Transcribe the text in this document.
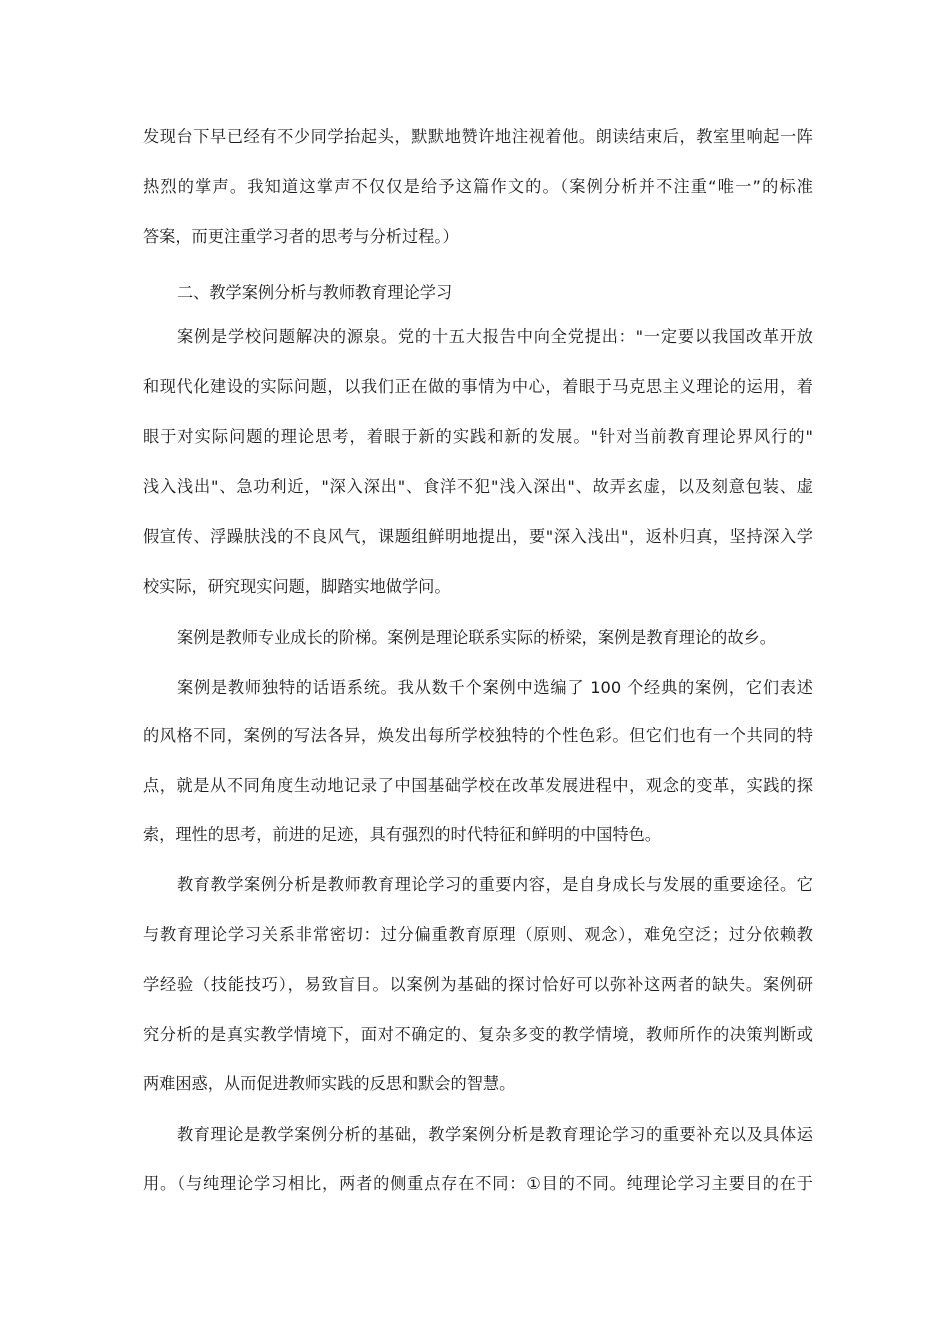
发现台下早已经有不少同学抬起头，默默地赞许地注视着他。朗读结束后，教室里响起一阵
热烈的掌声。我知道这掌声不仅仅是给予这篇作文的。（案例分析并不注重“唯一”的标准
答案，而更注重学习者的思考与分析过程。）
二、教学案例分析与教师教育理论学习
案例是学校问题解决的源泉。党的十五大报告中向全党提出："一定要以我国改革开放
和现代化建设的实际问题，以我们正在做的事情为中心，着眼于马克思主义理论的运用，着
眼于对实际问题的理论思考，着眼于新的实践和新的发展。"针对当前教育理论界风行的"
浅入浅出"、急功利近，"深入深出"、食洋不犯"浅入深出"、故弄玄虚，以及刻意包装、虚
假宣传、浮躁肤浅的不良风气，课题组鲜明地提出，要"深入浅出"，返朴归真，坚持深入学
校实际，研究现实问题，脚踏实地做学问。
案例是教师专业成长的阶梯。案例是理论联系实际的桥梁，案例是教育理论的故乡。
案例是教师独特的话语系统。我从数千个案例中选编了 100 个经典的案例，它们表述
的风格不同，案例的写法各异，焕发出每所学校独特的个性色彩。但它们也有一个共同的特
点，就是从不同角度生动地记录了中国基础学校在改革发展进程中，观念的变革，实践的探
索，理性的思考，前进的足迹，具有强烈的时代特征和鲜明的中国特色。
教育教学案例分析是教师教育理论学习的重要内容，是自身成长与发展的重要途径。它
与教育理论学习关系非常密切：过分偏重教育原理（原则、观念），难免空泛；过分依赖教
学经验（技能技巧），易致盲目。以案例为基础的探讨恰好可以弥补这两者的缺失。案例研
究分析的是真实教学情境下，面对不确定的、复杂多变的教学情境，教师所作的决策判断或
两难困惑，从而促进教师实践的反思和默会的智慧。
教育理论是教学案例分析的基础，教学案例分析是教育理论学习的重要补充以及具体运
用。（与纯理论学习相比，两者的侧重点存在不同：①目的不同。纯理论学习主要目的在于
